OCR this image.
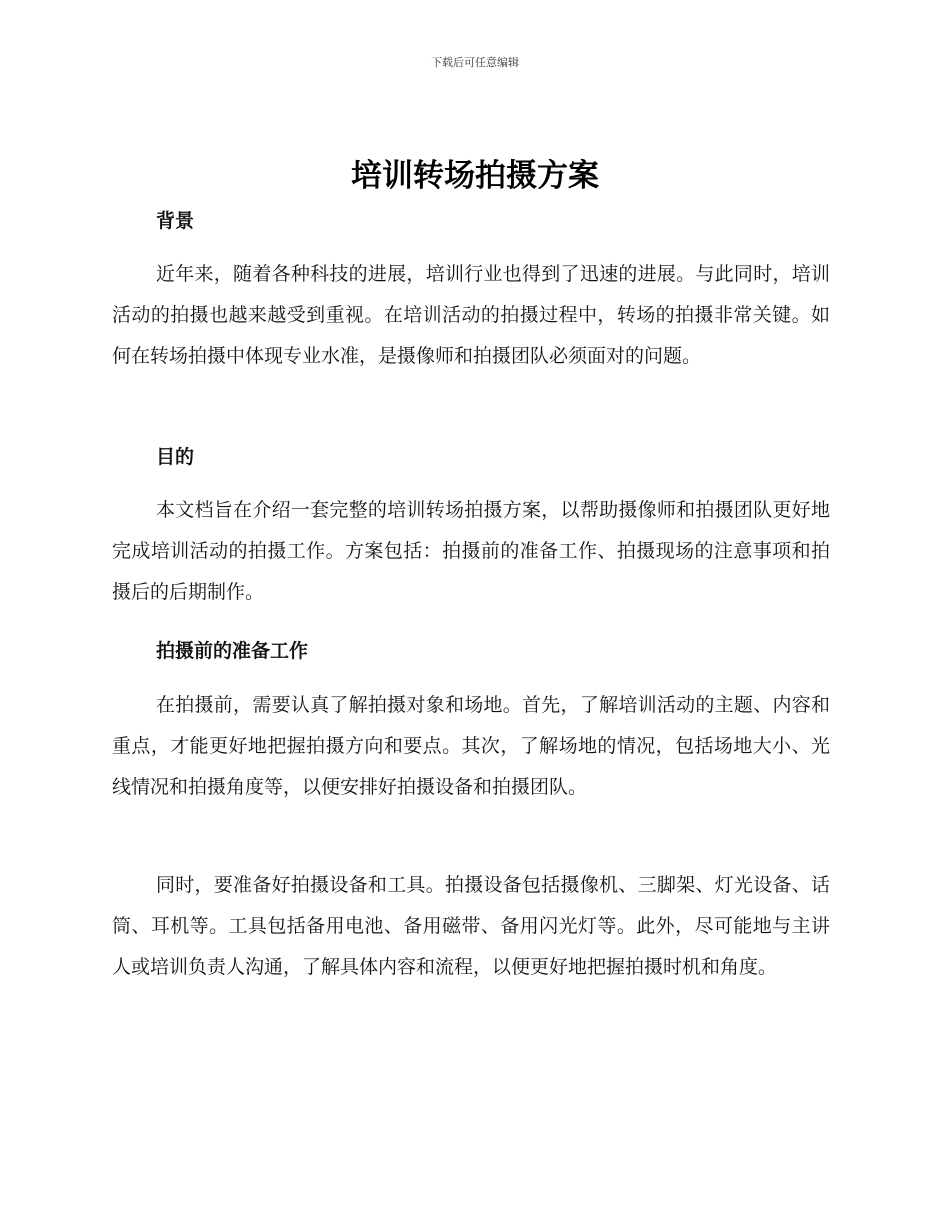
下载后可任意编辑
培训转场拍摄方案
背景

近年来，随着各种科技的进展，培训行业也得到了迅速的进展。与此同时，培训活动的拍摄也越来越受到重视。在培训活动的拍摄过程中，转场的拍摄非常关键。如何在转场拍摄中体现专业水准，是摄像师和拍摄团队必须面对的问题。

目的

本文档旨在介绍一套完整的培训转场拍摄方案，以帮助摄像师和拍摄团队更好地完成培训活动的拍摄工作。方案包括：拍摄前的准备工作、拍摄现场的注意事项和拍摄后的后期制作。

拍摄前的准备工作

在拍摄前，需要认真了解拍摄对象和场地。首先，了解培训活动的主题、内容和重点，才能更好地把握拍摄方向和要点。其次，了解场地的情况，包括场地大小、光线情况和拍摄角度等，以便安排好拍摄设备和拍摄团队。

同时，要准备好拍摄设备和工具。拍摄设备包括摄像机、三脚架、灯光设备、话筒、耳机等。工具包括备用电池、备用磁带、备用闪光灯等。此外，尽可能地与主讲人或培训负责人沟通，了解具体内容和流程，以便更好地把握拍摄时机和角度。
